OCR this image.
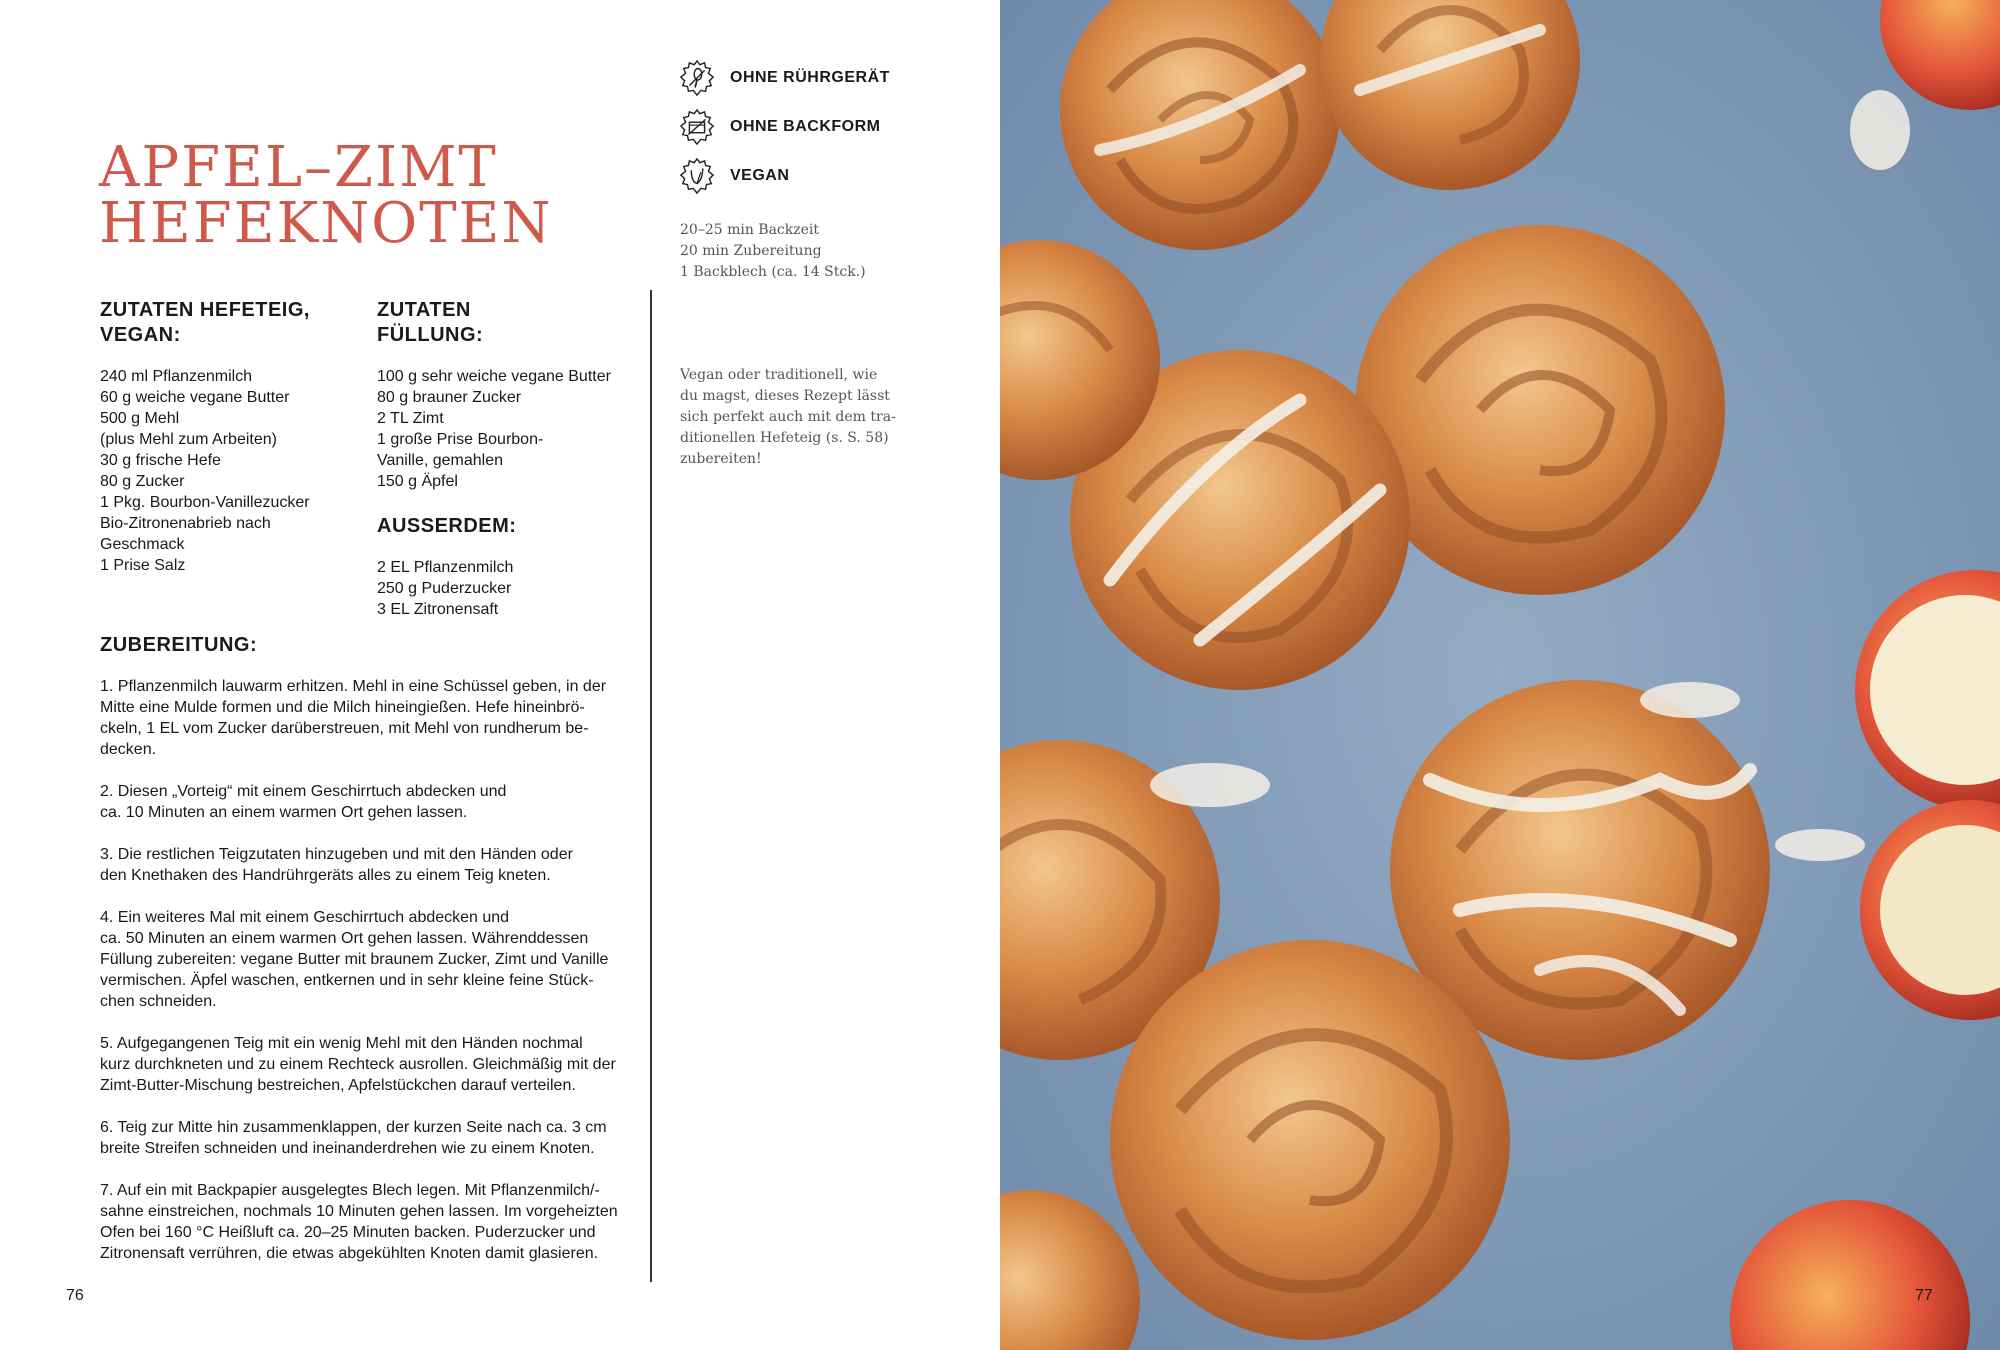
APFEL–ZIMT
HEFEKNOTEN
OHNE RÜHRGERÄT
OHNE BACKFORM
VEGAN
20–25 min Backzeit
20 min Zubereitung
1 Backblech (ca. 14 Stck.)
Vegan oder traditionell, wie
du magst, dieses Rezept lässt
sich perfekt auch mit dem tra-
ditionellen Hefeteig (s. S. 58)
zubereiten!
ZUTATEN HEFETEIG,
VEGAN:
240 ml Pflanzenmilch
60 g weiche vegane Butter
500 g Mehl
(plus Mehl zum Arbeiten)
30 g frische Hefe
80 g Zucker
1 Pkg. Bourbon-Vanillezucker
Bio-Zitronenabrieb nach
Geschmack
1 Prise Salz
ZUTATEN
FÜLLUNG:
100 g sehr weiche vegane Butter
80 g brauner Zucker
2 TL Zimt
1 große Prise Bourbon-
Vanille, gemahlen
150 g Äpfel
AUSSERDEM:
2 EL Pflanzenmilch
250 g Puderzucker
3 EL Zitronensaft
ZUBEREITUNG:
1. Pflanzenmilch lauwarm erhitzen. Mehl in eine Schüssel geben, in der
Mitte eine Mulde formen und die Milch hineingießen. Hefe hineinbrö-
ckeln, 1 EL vom Zucker darüberstreuen, mit Mehl von rundherum be-
decken.
2. Diesen „Vorteig“ mit einem Geschirrtuch abdecken und
ca. 10 Minuten an einem warmen Ort gehen lassen.
3. Die restlichen Teigzutaten hinzugeben und mit den Händen oder
den Knethaken des Handrührgeräts alles zu einem Teig kneten.
4. Ein weiteres Mal mit einem Geschirrtuch abdecken und
ca. 50 Minuten an einem warmen Ort gehen lassen. Währenddessen
Füllung zubereiten: vegane Butter mit braunem Zucker, Zimt und Vanille
vermischen. Äpfel waschen, entkernen und in sehr kleine feine Stück-
chen schneiden.
5. Aufgegangenen Teig mit ein wenig Mehl mit den Händen nochmal
kurz durchkneten und zu einem Rechteck ausrollen. Gleichmäßig mit der
Zimt-Butter-Mischung bestreichen, Apfelstückchen darauf verteilen.
6. Teig zur Mitte hin zusammenklappen, der kurzen Seite nach ca. 3 cm
breite Streifen schneiden und ineinanderdrehen wie zu einem Knoten.
7. Auf ein mit Backpapier ausgelegtes Blech legen. Mit Pflanzenmilch/-
sahne einstreichen, nochmals 10 Minuten gehen lassen. Im vorgeheizten
Ofen bei 160 °C Heißluft ca. 20–25 Minuten backen. Puderzucker und
Zitronensaft verrühren, die etwas abgekühlten Knoten damit glasieren.
76	77
